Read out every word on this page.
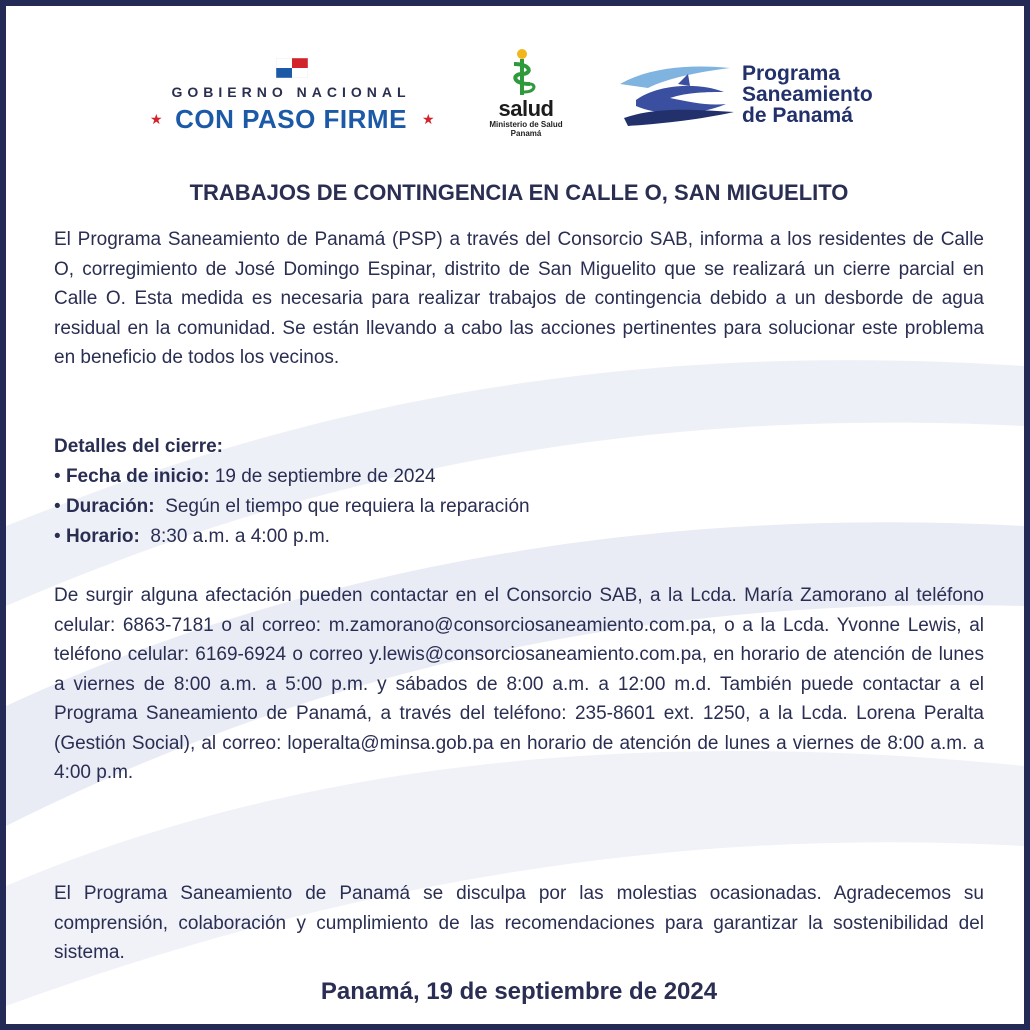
GOBIERNO NACIONAL
★ CON PASO FIRME	★	salud
Ministerio de Salud
Panamá
Programa
Saneamiento
de Panamá
TRABAJOS DE CONTINGENCIA EN CALLE O, SAN MIGUELITO

El Programa Saneamiento de Panamá (PSP) a través del Consorcio SAB, informa a los residentes de Calle O, corregimiento de José Domingo Espinar, distrito de San Miguelito que se realizará un cierre parcial en Calle O. Esta medida es necesaria para realizar trabajos de contingencia debido a un desborde de agua residual en la comunidad. Se están llevando a cabo las acciones pertinentes para solucionar este problema en beneficio de todos los vecinos.

Detalles del cierre:
• Fecha de inicio: 19 de septiembre de 2024
• Duración: Según el tiempo que requiera la reparación
• Horario: 8:30 a.m. a 4:00 p.m.

De surgir alguna afectación pueden contactar en el Consorcio SAB, a la Lcda. María Zamorano al teléfono celular: 6863-7181 o al correo: m.zamorano@consorciosaneamiento.com.pa, o a la Lcda. Yvonne Lewis, al teléfono celular: 6169-6924 o correo y.lewis@consorciosaneamiento.com.pa, en horario de atención de lunes a viernes de 8:00 a.m. a 5:00 p.m. y sábados de 8:00 a.m. a 12:00 m.d. También puede contactar a el Programa Saneamiento de Panamá, a través del teléfono: 235-8601 ext. 1250, a la Lcda. Lorena Peralta (Gestión Social), al correo: loperalta@minsa.gob.pa en horario de atención de lunes a viernes de 8:00 a.m. a 4:00 p.m.

El Programa Saneamiento de Panamá se disculpa por las molestias ocasionadas. Agradecemos su comprensión, colaboración y cumplimiento de las recomendaciones para garantizar la sostenibilidad del sistema.

Panamá, 19 de septiembre de 2024
